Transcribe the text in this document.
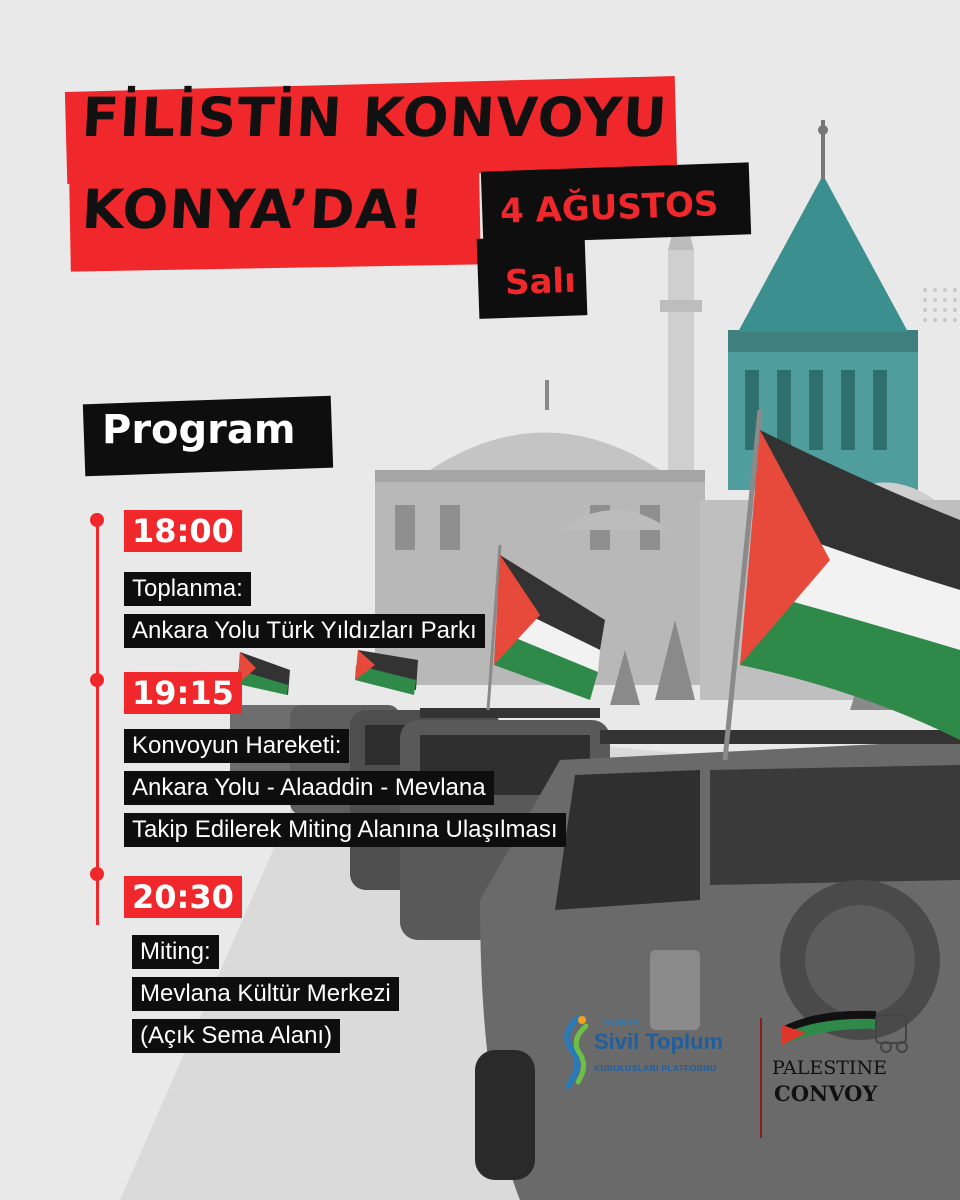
FİLİSTİN KONVOYU
KONYA’DA! 4 AĞUSTOS
Salı
Program
18:00
Toplanma:
Ankara Yolu Türk Yıldızları Parkı
19:15
Konvoyun Hareketi:
Ankara Yolu - Alaaddin - Mevlana
Takip Edilerek Miting Alanına Ulaşılması
20:30
Miting:
Mevlana Kültür Merkezi
(Açık Sema Alanı)	KONYA
Sivil Toplum
KURULUŞLARI PLATFORMU	PALESTINE
CONVOY
